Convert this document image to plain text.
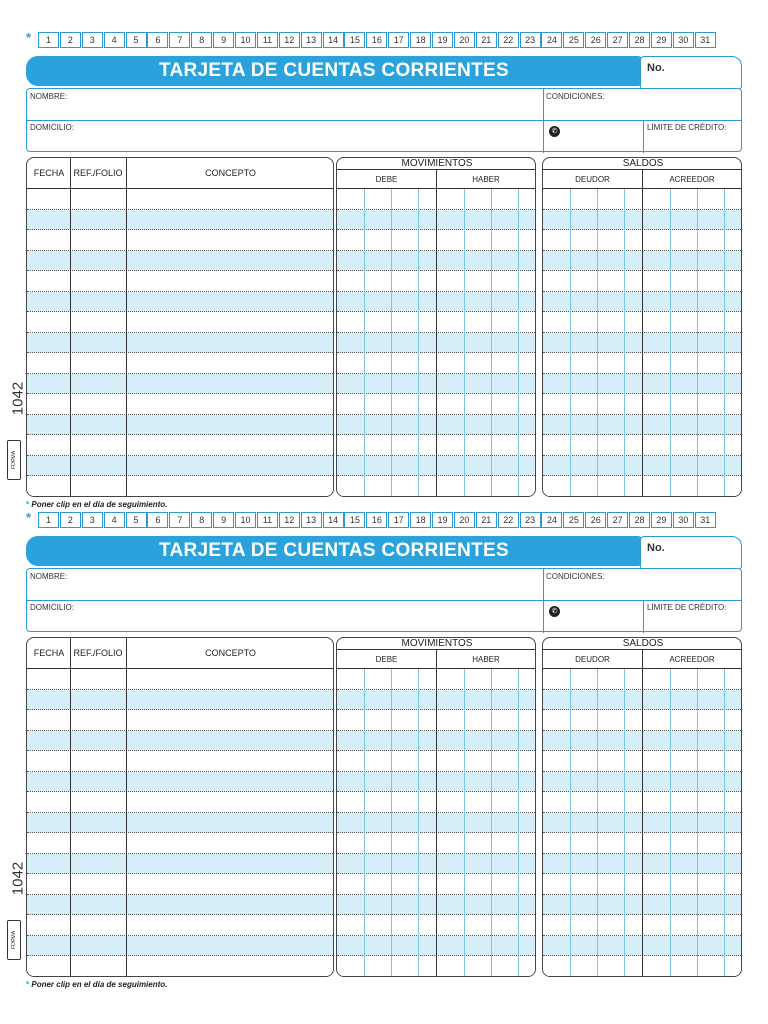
*	1	2	3	4	5	6	7	8	9	10	11	12	13	14	15	16	17	18	19	20	21	22	23	24	25	26	27	28	29	30	31
TARJETA DE CUENTAS CORRIENTES	No.
NOMBRE:	CONDICIONES:
DOMICILIO:	✆	LÍMITE DE CRÉDITO:
FECHA	REF./FOLIO	CONCEPTO
MOVIMIENTOS
DEBE	HABER
SALDOS
DEUDOR	ACREEDOR
1042
FORMA
* Poner clip en el día de seguimiento.
*	1	2	3	4	5	6	7	8	9	10	11	12	13	14	15	16	17	18	19	20	21	22	23	24	25	26	27	28	29	30	31
TARJETA DE CUENTAS CORRIENTES	No.
NOMBRE:	CONDICIONES:
DOMICILIO:	✆	LÍMITE DE CRÉDITO:
FECHA	REF./FOLIO	CONCEPTO
MOVIMIENTOS
DEBE	HABER
SALDOS
DEUDOR	ACREEDOR
1042
FORMA
* Poner clip en el día de seguimiento.
